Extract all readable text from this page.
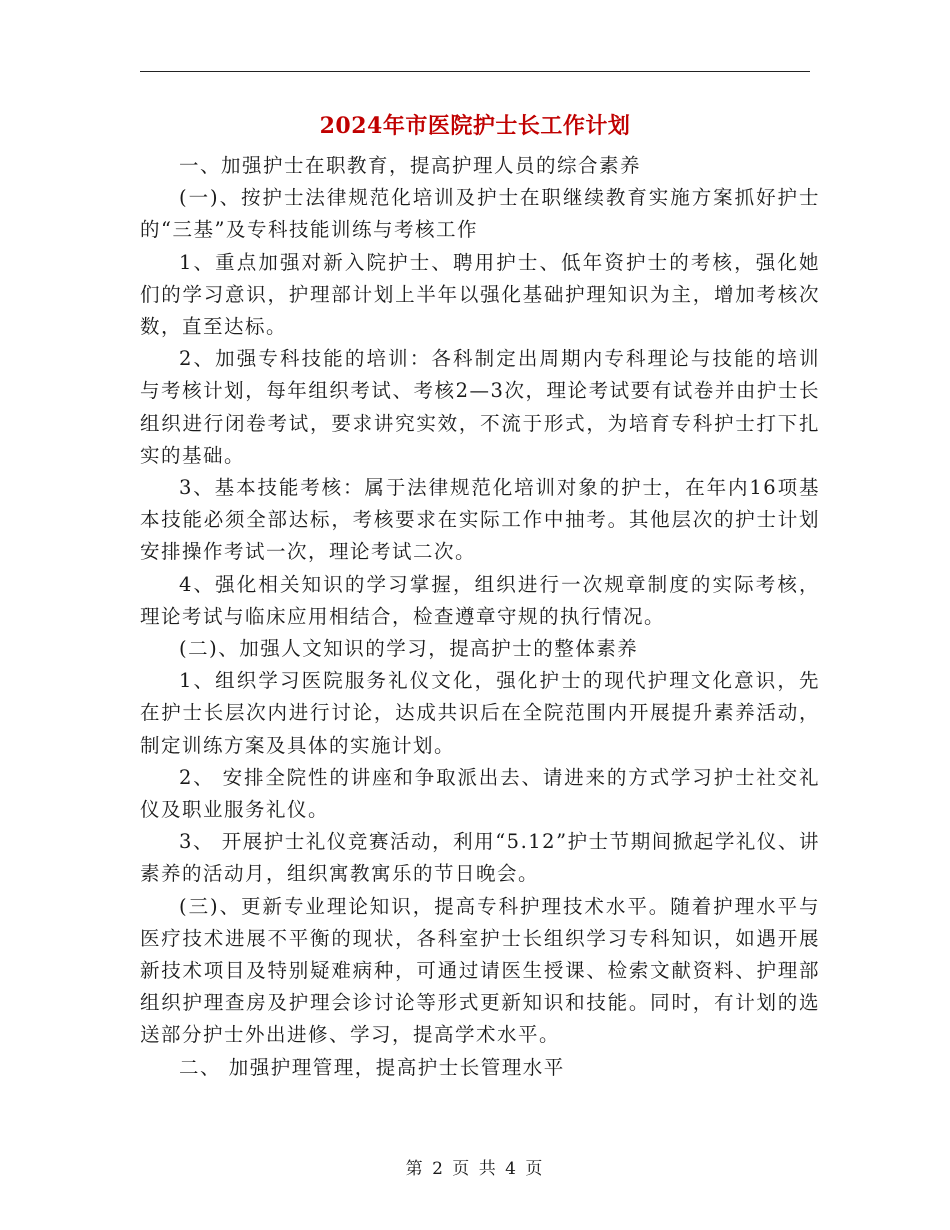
2024年市医院护士长工作计划

一、加强护士在职教育，提高护理人员的综合素养

(一)、按护士法律规范化培训及护士在职继续教育实施方案抓好护士的“三基”及专科技能训练与考核工作

1、重点加强对新入院护士、聘用护士、低年资护士的考核，强化她们的学习意识，护理部计划上半年以强化基础护理知识为主，增加考核次数，直至达标。

2、加强专科技能的培训：各科制定出周期内专科理论与技能的培训与考核计划，每年组织考试、考核2—3次，理论考试要有试卷并由护士长组织进行闭卷考试，要求讲究实效，不流于形式，为培育专科护士打下扎实的基础。

3、基本技能考核：属于法律规范化培训对象的护士，在年内16项基本技能必须全部达标，考核要求在实际工作中抽考。其他层次的护士计划安排操作考试一次，理论考试二次。

4、强化相关知识的学习掌握，组织进行一次规章制度的实际考核，理论考试与临床应用相结合，检查遵章守规的执行情况。

(二)、加强人文知识的学习，提高护士的整体素养

1、组织学习医院服务礼仪文化，强化护士的现代护理文化意识，先在护士长层次内进行讨论，达成共识后在全院范围内开展提升素养活动，制定训练方案及具体的实施计划。

2、 安排全院性的讲座和争取派出去、请进来的方式学习护士社交礼仪及职业服务礼仪。

3、 开展护士礼仪竞赛活动，利用“5.12”护士节期间掀起学礼仪、讲素养的活动月，组织寓教寓乐的节日晚会。

(三)、更新专业理论知识，提高专科护理技术水平。随着护理水平与医疗技术进展不平衡的现状，各科室护士长组织学习专科知识，如遇开展新技术项目及特别疑难病种，可通过请医生授课、检索文献资料、护理部组织护理查房及护理会诊讨论等形式更新知识和技能。同时，有计划的选送部分护士外出进修、学习，提高学术水平。

二、 加强护理管理，提高护士长管理水平

第 2 页 共 4 页
